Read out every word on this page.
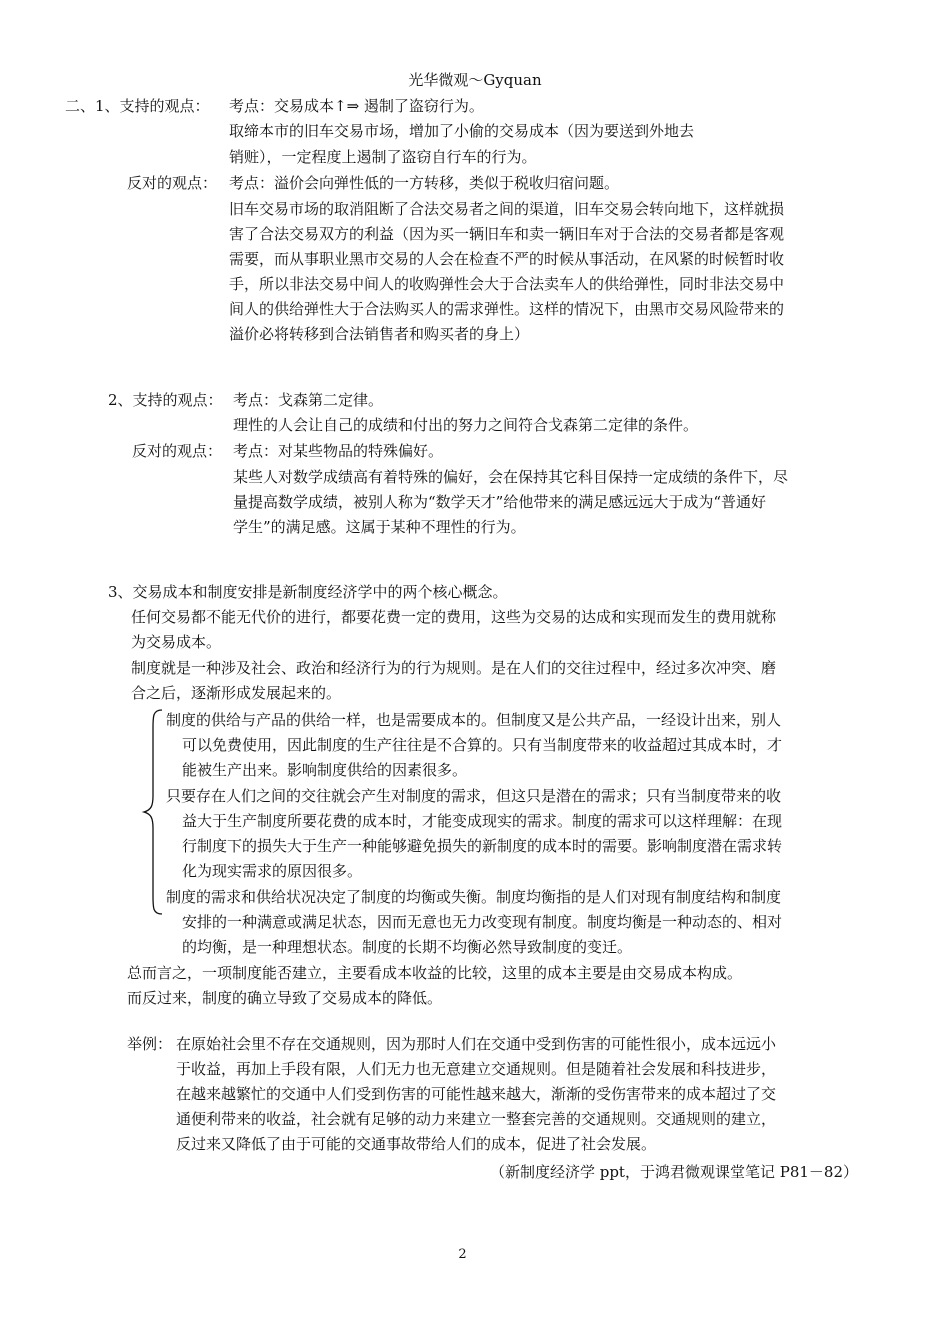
光华微观～Gyquan
二、1、支持的观点： 考点：交易成本↑⇒ 遏制了盗窃行为。
取缔本市的旧车交易市场，增加了小偷的交易成本（因为要送到外地去
销赃），一定程度上遏制了盗窃自行车的行为。
反对的观点： 考点：溢价会向弹性低的一方转移，类似于税收归宿问题。
旧车交易市场的取消阻断了合法交易者之间的渠道，旧车交易会转向地下，这样就损
害了合法交易双方的利益（因为买一辆旧车和卖一辆旧车对于合法的交易者都是客观
需要，而从事职业黑市交易的人会在检查不严的时候从事活动，在风紧的时候暂时收
手，所以非法交易中间人的收购弹性会大于合法卖车人的供给弹性，同时非法交易中
间人的供给弹性大于合法购买人的需求弹性。这样的情况下，由黑市交易风险带来的
溢价必将转移到合法销售者和购买者的身上）
2、支持的观点： 考点：戈森第二定律。
理性的人会让自己的成绩和付出的努力之间符合戈森第二定律的条件。
反对的观点： 考点：对某些物品的特殊偏好。
某些人对数学成绩高有着特殊的偏好，会在保持其它科目保持一定成绩的条件下，尽
量提高数学成绩，被别人称为“数学天才”给他带来的满足感远远大于成为“普通好
学生”的满足感。这属于某种不理性的行为。
3、交易成本和制度安排是新制度经济学中的两个核心概念。
任何交易都不能无代价的进行，都要花费一定的费用，这些为交易的达成和实现而发生的费用就称
为交易成本。
制度就是一种涉及社会、政治和经济行为的行为规则。是在人们的交往过程中，经过多次冲突、磨
合之后，逐渐形成发展起来的。
制度的供给与产品的供给一样，也是需要成本的。但制度又是公共产品，一经设计出来，别人
可以免费使用，因此制度的生产往往是不合算的。只有当制度带来的收益超过其成本时，才
能被生产出来。影响制度供给的因素很多。
只要存在人们之间的交往就会产生对制度的需求，但这只是潜在的需求；只有当制度带来的收
益大于生产制度所要花费的成本时，才能变成现实的需求。制度的需求可以这样理解：在现
行制度下的损失大于生产一种能够避免损失的新制度的成本时的需要。影响制度潜在需求转
化为现实需求的原因很多。
制度的需求和供给状况决定了制度的均衡或失衡。制度均衡指的是人们对现有制度结构和制度
安排的一种满意或满足状态，因而无意也无力改变现有制度。制度均衡是一种动态的、相对
的均衡，是一种理想状态。制度的长期不均衡必然导致制度的变迁。
总而言之，一项制度能否建立，主要看成本收益的比较，这里的成本主要是由交易成本构成。
而反过来，制度的确立导致了交易成本的降低。
举例： 在原始社会里不存在交通规则，因为那时人们在交通中受到伤害的可能性很小，成本远远小
于收益，再加上手段有限，人们无力也无意建立交通规则。但是随着社会发展和科技进步，
在越来越繁忙的交通中人们受到伤害的可能性越来越大，渐渐的受伤害带来的成本超过了交
通便利带来的收益，社会就有足够的动力来建立一整套完善的交通规则。交通规则的建立，
反过来又降低了由于可能的交通事故带给人们的成本，促进了社会发展。
（新制度经济学 ppt，于鸿君微观课堂笔记 P81－82）
2
